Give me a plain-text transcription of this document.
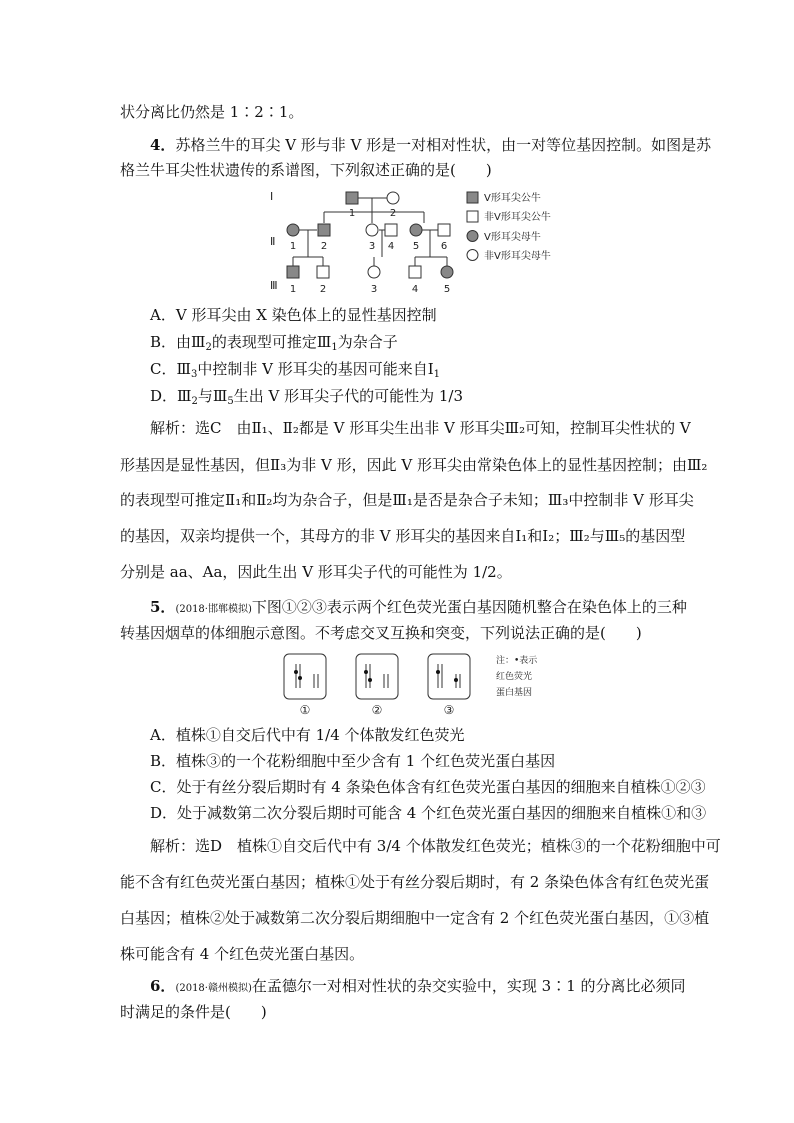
状分离比仍然是 1∶2∶1。
4．苏格兰牛的耳尖 V 形与非 V 形是一对相对性状，由一对等位基因控制。如图是苏
格兰牛耳尖性状遗传的系谱图，下列叙述正确的是(　　)
Ⅰ
Ⅱ
Ⅲ
1	2
1 2	3 4 5 6
1 2	3	4	5
V形耳尖公牛
非V形耳尖公牛
V形耳尖母牛
非V形耳尖母牛
A．V 形耳尖由 X 染色体上的显性基因控制
B．由$Ⅲ_2$的表现型可推定$Ⅲ_1$为杂合子
C．$Ⅲ_3$中控制非 V 形耳尖的基因可能来自$Ⅰ_1$
D．$Ⅲ_2$与$Ⅲ_5$生出 V 形耳尖子代的可能性为 1/3
解析：选C　由Ⅱ₁、Ⅱ₂都是 V 形耳尖生出非 V 形耳尖Ⅲ₂可知，控制耳尖性状的 V
形基因是显性基因，但Ⅱ₃为非 V 形，因此 V 形耳尖由常染色体上的显性基因控制；由Ⅲ₂
的表现型可推定Ⅱ₁和Ⅱ₂均为杂合子，但是Ⅲ₁是否是杂合子未知；Ⅲ₃中控制非 V 形耳尖
的基因，双亲均提供一个，其母方的非 V 形耳尖的基因来自Ⅰ₁和Ⅰ₂；Ⅲ₂与Ⅲ₅的基因型
分别是 aa、Aa，因此生出 V 形耳尖子代的可能性为 1/2。
5．(2018·邯郸模拟)下图①②③表示两个红色荧光蛋白基因随机整合在染色体上的三种
转基因烟草的体细胞示意图。不考虑交叉互换和突变，下列说法正确的是(　　)
①	②	③
注：•表示
红色荧光
蛋白基因
A．植株①自交后代中有 1/4 个体散发红色荧光
B．植株③的一个花粉细胞中至少含有 1 个红色荧光蛋白基因
C．处于有丝分裂后期时有 4 条染色体含有红色荧光蛋白基因的细胞来自植株①②③
D．处于减数第二次分裂后期时可能含 4 个红色荧光蛋白基因的细胞来自植株①和③
解析：选D　植株①自交后代中有 3/4 个体散发红色荧光；植株③的一个花粉细胞中可
能不含有红色荧光蛋白基因；植株①处于有丝分裂后期时，有 2 条染色体含有红色荧光蛋
白基因；植株②处于减数第二次分裂后期细胞中一定含有 2 个红色荧光蛋白基因，①③植
株可能含有 4 个红色荧光蛋白基因。
6．(2018·赣州模拟)在孟德尔一对相对性状的杂交实验中，实现 3∶1 的分离比必须同
时满足的条件是(　　)
